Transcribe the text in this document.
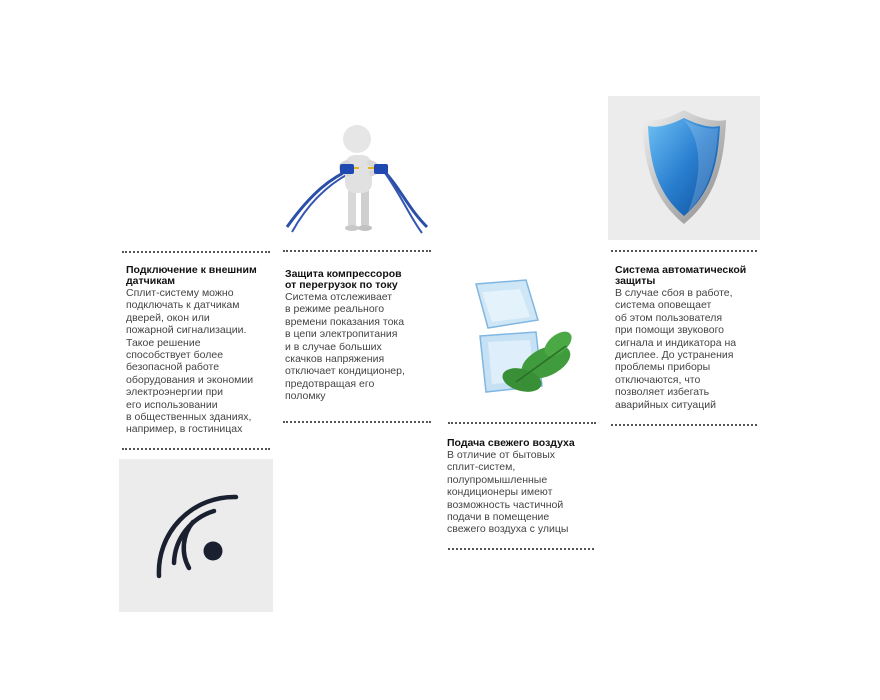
Подключение к внешним
датчикам

Сплит-систему можно
подключать к датчикам
дверей, окон или
пожарной сигнализации.
Такое решение
способствует более
безопасной работе
оборудования и экономии
электроэнергии при
его использовании
в общественных зданиях,
например, в гостиницах

Защита компрессоров
от перегрузок по току

Система отслеживает
в режиме реального
времени показания тока
в цепи электропитания
и в случае больших
скачков напряжения
отключает кондиционер,
предотвращая его
поломку

Подача свежего воздуха

В отличие от бытовых
сплит-систем,
полупромышленные
кондиционеры имеют
возможность частичной
подачи в помещение
свежего воздуха с улицы

Система автоматической
защиты

В случае сбоя в работе,
система оповещает
об этом пользователя
при помощи звукового
сигнала и индикатора на
дисплее. До устранения
проблемы приборы
отключаются, что
позволяет избегать
аварийных ситуаций
